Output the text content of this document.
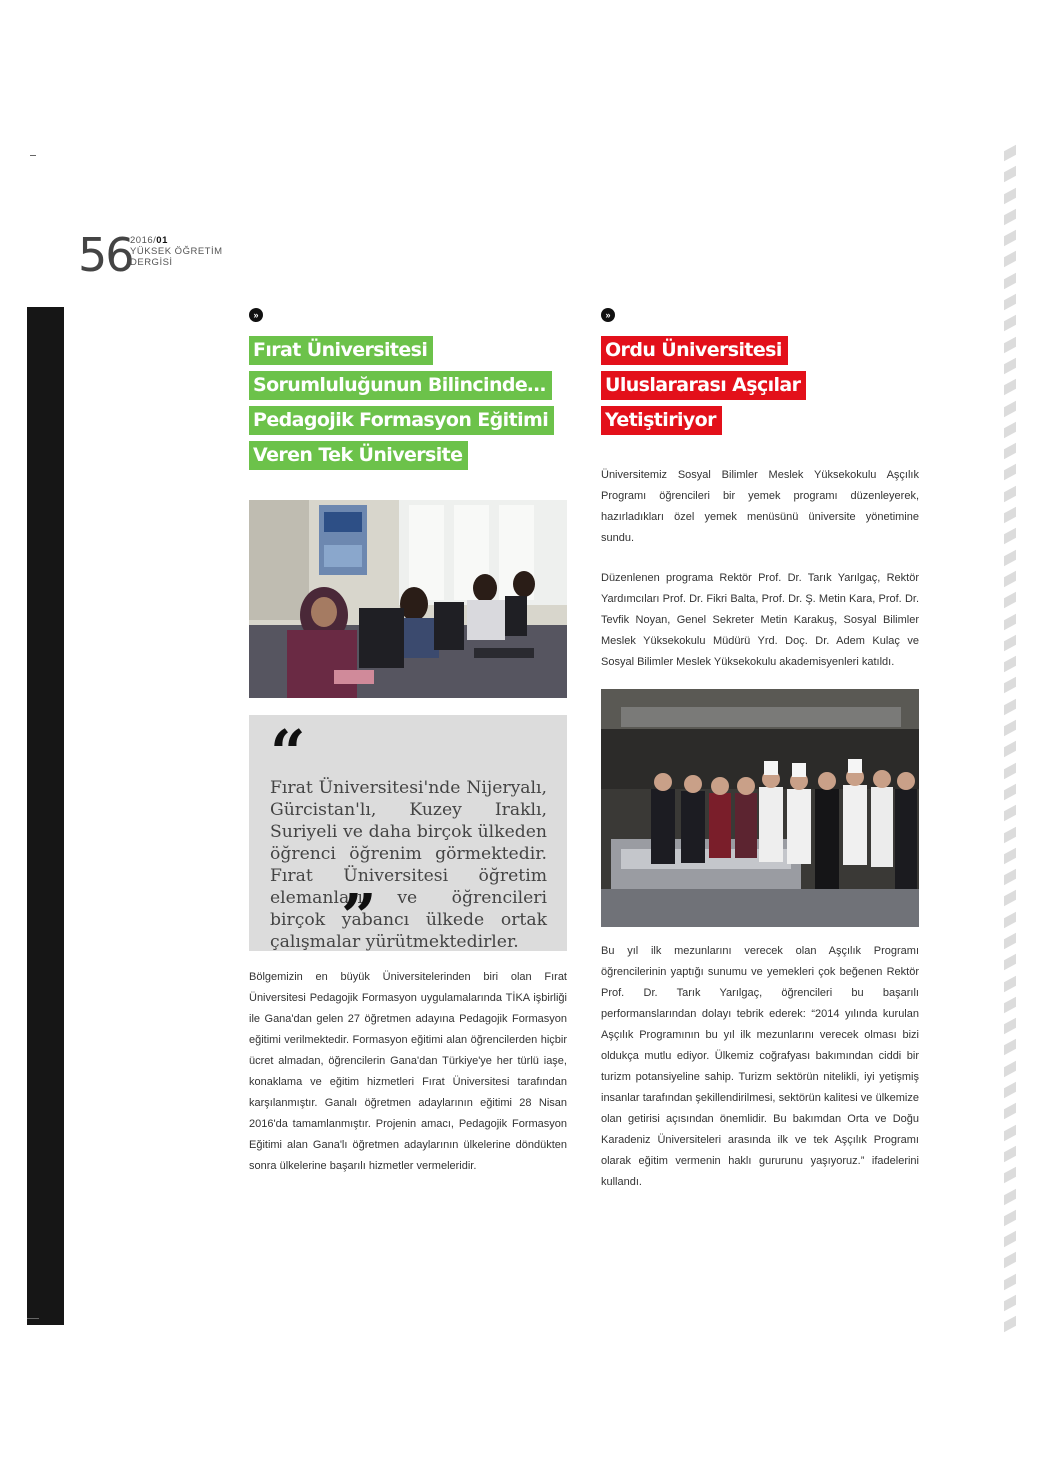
56
2016/01
YÜKSEK ÖĞRETİM
DERGİSİ
»
Fırat Üniversitesi
Sorumluluğunun Bilincinde…
Pedagojik Formasyon Eğitimi
Veren Tek Üniversite
“
Fırat Üniversitesi'nde Nijeryalı, Gürcistan'lı, Kuzey Iraklı, Suriyeli ve daha birçok ülkeden öğrenci öğrenim görmektedir. Fırat Üniversitesi öğretim elemanları ve öğrencileri birçok yabancı ülkede ortak çalışmalar yürütmektedirler.
”

Bölgemizin en büyük Üniversitelerinden biri olan Fırat Üniversitesi Pedagojik Formasyon uygulamalarında TİKA işbirliği ile Gana'dan gelen 27 öğretmen adayına Pedagojik Formasyon eğitimi verilmektedir. Formasyon eğitimi alan öğrencilerden hiçbir ücret almadan, öğrencilerin Gana'dan Türkiye'ye her türlü iaşe, konaklama ve eğitim hizmetleri Fırat Üniversitesi tarafından karşılanmıştır. Ganalı öğretmen adaylarının eğitimi 28 Nisan 2016'da tamamlanmıştır. Projenin amacı, Pedagojik Formasyon Eğitimi alan Gana'lı öğretmen adaylarının ülkelerine döndükten sonra ülkelerine başarılı hizmetler vermeleridir.

»
Ordu Üniversitesi
Uluslararası Aşçılar
Yetiştiriyor

Üniversitemiz Sosyal Bilimler Meslek Yüksekokulu Aşçılık Programı öğrencileri bir yemek programı düzenleyerek, hazırladıkları özel yemek menüsünü üniversite yönetimine sundu.

Düzenlenen programa Rektör Prof. Dr. Tarık Yarılgaç, Rektör Yardımcıları Prof. Dr. Fikri Balta, Prof. Dr. Ş. Metin Kara, Prof. Dr. Tevfik Noyan, Genel Sekreter Metin Karakuş, Sosyal Bilimler Meslek Yüksekokulu Müdürü Yrd. Doç. Dr. Adem Kulaç ve Sosyal Bilimler Meslek Yüksekokulu akademisyenleri katıldı.

Bu yıl ilk mezunlarını verecek olan Aşçılık Programı öğrencilerinin yaptığı sunumu ve yemekleri çok beğenen Rektör Prof. Dr. Tarık Yarılgaç, öğrencileri bu başarılı performanslarından dolayı tebrik ederek: “2014 yılında kurulan Aşçılık Programının bu yıl ilk mezunlarını verecek olması bizi oldukça mutlu ediyor. Ülkemiz coğrafyası bakımından ciddi bir turizm potansiyeline sahip. Turizm sektörün nitelikli, iyi yetişmiş insanlar tarafından şekillendirilmesi, sektörün kalitesi ve ülkemize olan getirisi açısından önemlidir. Bu bakımdan Orta ve Doğu Karadeniz Üniversiteleri arasında ilk ve tek Aşçılık Programı olarak eğitim vermenin haklı gururunu yaşıyoruz.” ifadelerini kullandı.
